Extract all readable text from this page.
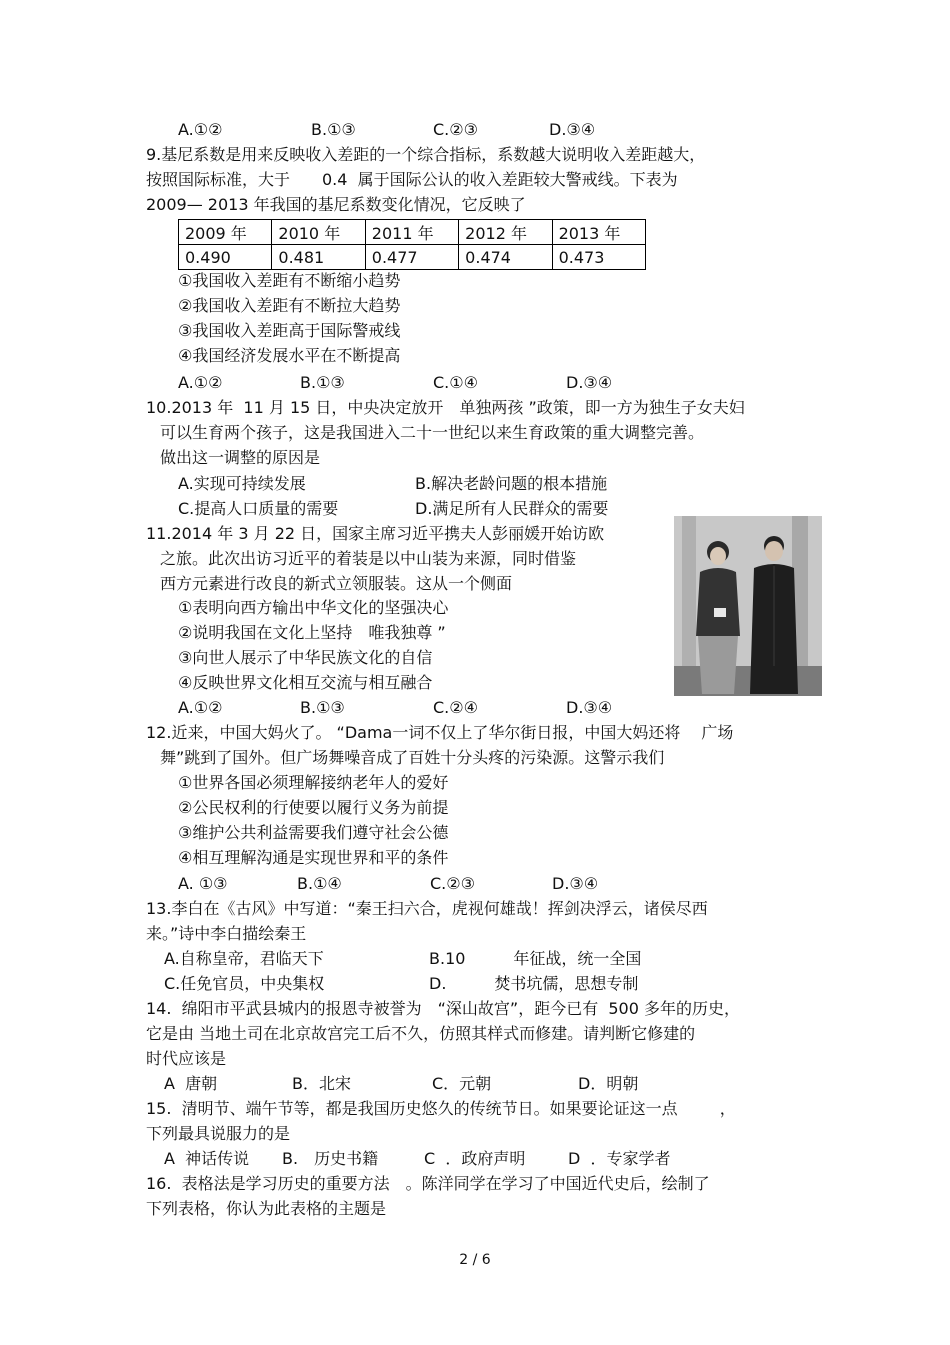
A.①②	B.①③	C.②③	D.③④
9.基尼系数是用来反映收入差距的一个综合指标，系数越大说明收入差距越大，
按照国际标准，大于　　0.4  属于国际公认的收入差距较大警戒线。下表为
2009— 2013 年我国的基尼系数变化情况，它反映了
2009 年	2010 年	2011 年	2012 年	2013 年
0.490	0.481	0.477	0.474	0.473
①我国收入差距有不断缩小趋势
②我国收入差距有不断拉大趋势
③我国收入差距高于国际警戒线
④我国经济发展水平在不断提高
A.①②	B.①③	C.①④	D.③④
10.2013 年  11 月 15 日，中央决定放开　单独两孩 ”政策，即一方为独生子女夫妇
可以生育两个孩子，这是我国进入二十一世纪以来生育政策的重大调整完善。
做出这一调整的原因是
A.实现可持续发展	B.解决老龄问题的根本措施
C.提高人口质量的需要	D.满足所有人民群众的需要
11.2014 年 3 月 22 日，国家主席习近平携夫人彭丽媛开始访欧
之旅。此次出访习近平的着装是以中山装为来源，同时借鉴
西方元素进行改良的新式立领服装。这从一个侧面
①表明向西方输出中华文化的坚强决心
②说明我国在文化上坚持　唯我独尊 ”
③向世人展示了中华民族文化的自信
④反映世界文化相互交流与相互融合
A.①②	B.①③	C.②④	D.③④
12.近来，中国大妈火了。 “Dama一词不仅上了华尔街日报，中国大妈还将　 广场
舞”跳到了国外。但广场舞噪音成了百姓十分头疼的污染源。这警示我们
①世界各国必须理解接纳老年人的爱好
②公民权利的行使要以履行义务为前提
③维护公共利益需要我们遵守社会公德
④相互理解沟通是实现世界和平的条件
A. ①③	B.①④	C.②③	D.③④
13.李白在《古风》中写道：“秦王扫六合，虎视何雄哉！挥剑决浮云，诸侯尽西
来。”诗中李白描绘秦王
A.自称皇帝，君临天下	B.10　　　年征战，统一全国
C.任免官员，中央集权	D.　　　焚书坑儒，思想专制
14.  绵阳市平武县城内的报恩寺被誉为　“深山故宫”，距今已有  500 多年的历史，
它是由 当地土司在北京故宫完工后不久，仿照其样式而修建。请判断它修建的
时代应该是
A  唐朝	B．北宋	C．元朝	D．明朝
15.  清明节、端午节等，都是我国历史悠久的传统节日。如果要论证这一点　　  ，
下列最具说服力的是
A  神话传说 B.　历史书籍	C  ．政府声明	D  ．专家学者
16.  表格法是学习历史的重要方法　。陈洋同学在学习了中国近代史后，绘制了
下列表格，你认为此表格的主题是
2 / 6
